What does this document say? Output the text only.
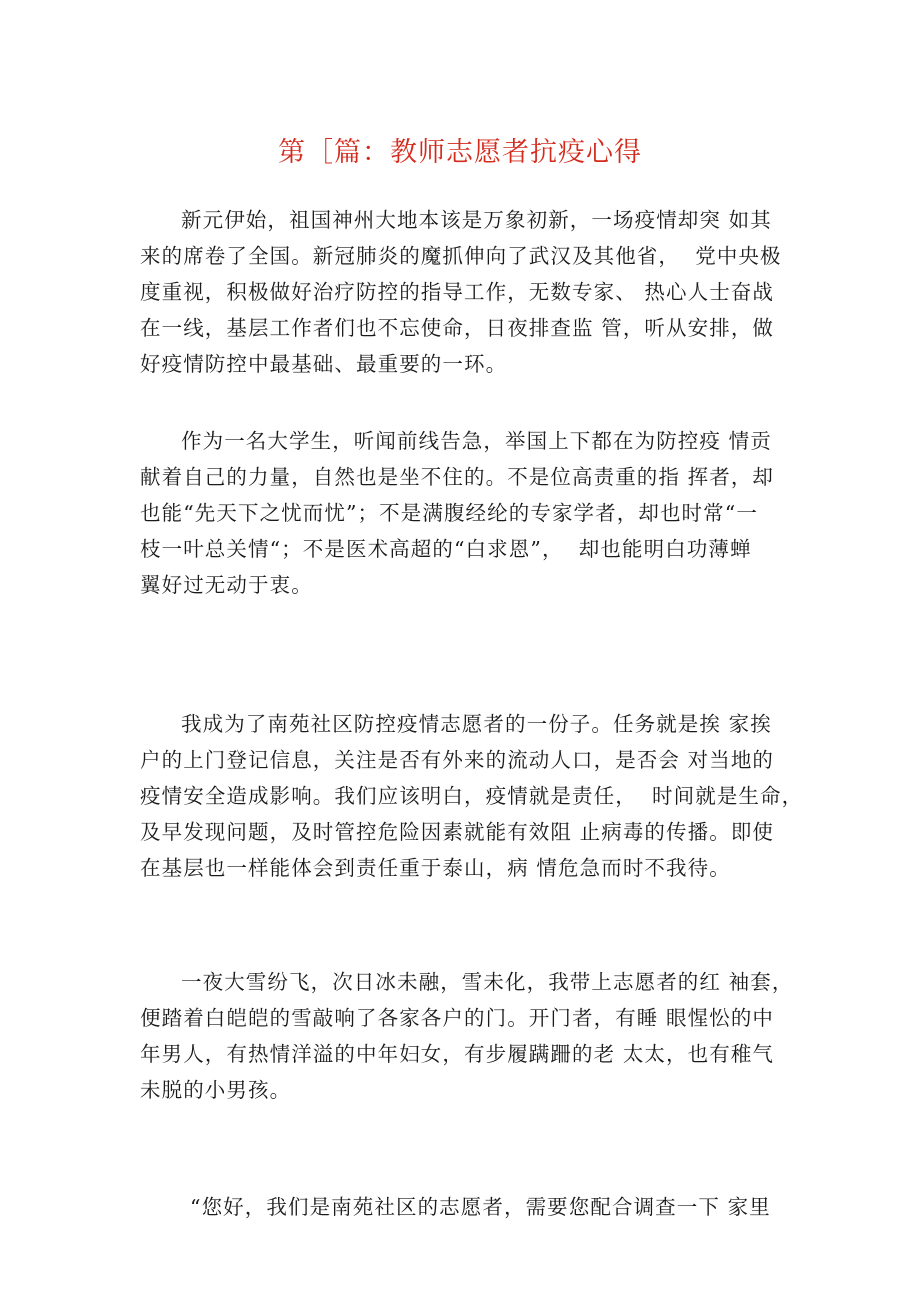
第［篇：教师志愿者抗疫心得
新元伊始，祖国神州大地本该是万象初新，一场疫情却突 如其
来的席卷了全国。新冠肺炎的魔抓伸向了武汉及其他省，  党中央极
度重视，积极做好治疗防控的指导工作，无数专家、 热心人士奋战
在一线，基层工作者们也不忘使命，日夜排查监 管，听从安排，做
好疫情防控中最基础、最重要的一环。
作为一名大学生，听闻前线告急，举国上下都在为防控疫 情贡
献着自己的力量，自然也是坐不住的。不是位高责重的指 挥者，却
也能“先天下之忧而忧”；不是满腹经纶的专家学者，却也时常“一
枝一叶总关情“；不是医术高超的“白求恩”，  却也能明白功薄蝉
翼好过无动于衷。
我成为了南苑社区防控疫情志愿者的一份子。任务就是挨 家挨
户的上门登记信息，关注是否有外来的流动人口，是否会 对当地的
疫情安全造成影响。我们应该明白，疫情就是责任，  时间就是生命，
及早发现问题，及时管控危险因素就能有效阻 止病毒的传播。即使
在基层也一样能体会到责任重于泰山，病 情危急而时不我待。
一夜大雪纷飞，次日冰未融，雪未化，我带上志愿者的红 袖套，
便踏着白皑皑的雪敲响了各家各户的门。开门者，有睡 眼惺忪的中
年男人，有热情洋溢的中年妇女，有步履蹒跚的老 太太，也有稚气
未脱的小男孩。
“您好，我们是南苑社区的志愿者，需要您配合调查一下 家里
